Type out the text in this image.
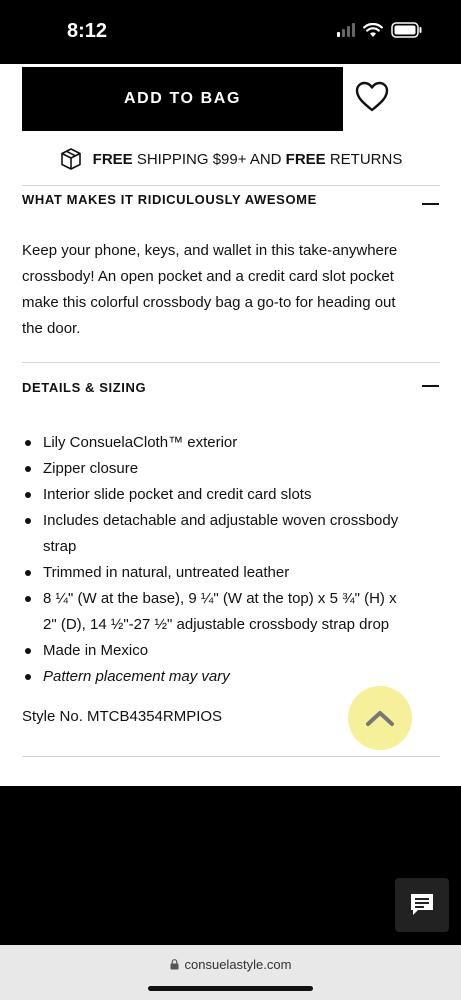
8:12
ADD TO BAG
FREE SHIPPING $99+ AND FREE RETURNS
WHAT MAKES IT RIDICULOUSLY AWESOME

Keep your phone, keys, and wallet in this take-anywhere crossbody! An open pocket and a credit card slot pocket make this colorful crossbody bag a go-to for heading out the door.

DETAILS & SIZING
Lily ConsuelaCloth™ exterior
Zipper closure
Interior slide pocket and credit card slots
Includes detachable and adjustable woven crossbody strap
Trimmed in natural, untreated leather
8 ¼" (W at the base), 9 ¼" (W at the top) x 5 ¾" (H) x 2" (D), 14 ½"-27 ½" adjustable crossbody strap drop
Made in Mexico
Pattern placement may vary
Style No. MTCB4354RMPIOS
consuelastyle.com
